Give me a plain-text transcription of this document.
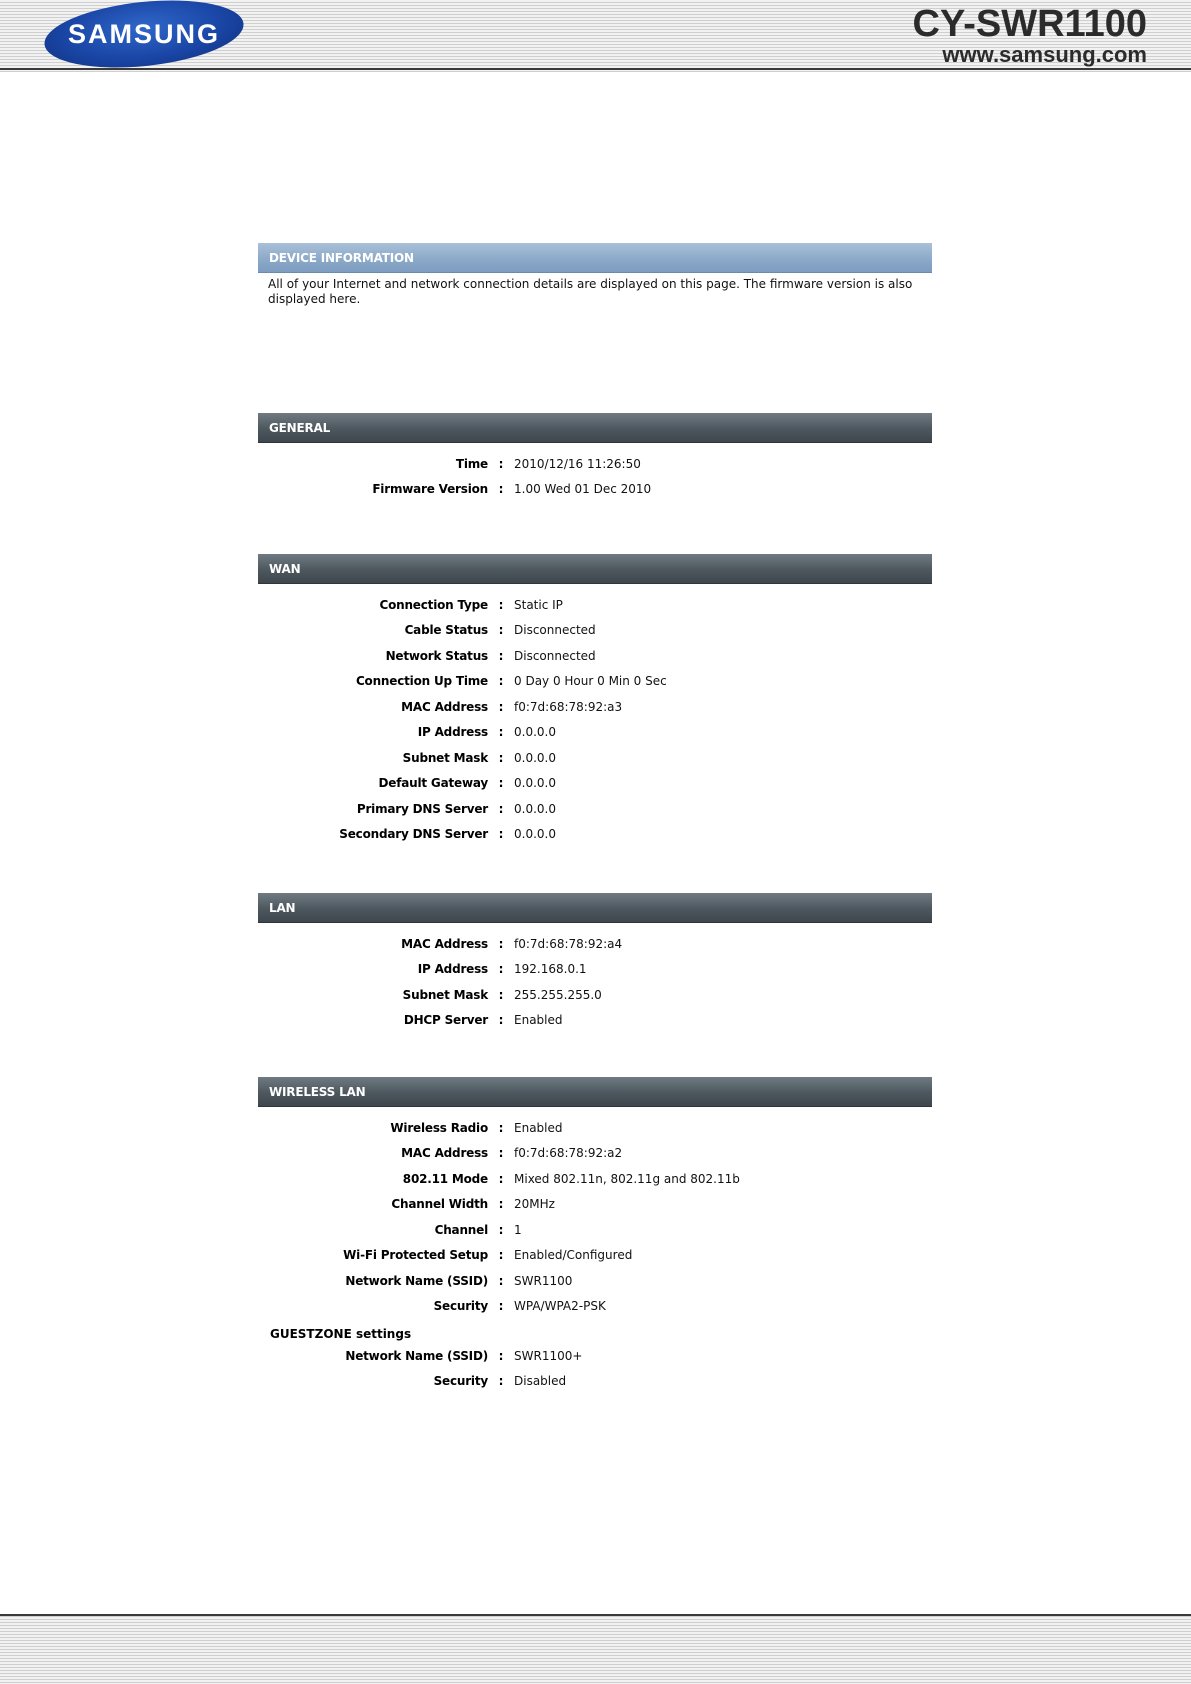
SAMSUNG	CY-SWR1100
www.samsung.com
DEVICE INFORMATION
All of your Internet and network connection details are displayed on this page. The firmware version is also displayed here.
GENERAL
Time : 2010/12/16 11:26:50
Firmware Version : 1.00 Wed 01 Dec 2010
WAN
Connection Type : Static IP
Cable Status : Disconnected
Network Status : Disconnected
Connection Up Time : 0 Day 0 Hour 0 Min 0 Sec
MAC Address : f0:7d:68:78:92:a3
IP Address : 0.0.0.0
Subnet Mask : 0.0.0.0
Default Gateway : 0.0.0.0
Primary DNS Server : 0.0.0.0
Secondary DNS Server : 0.0.0.0
LAN
MAC Address : f0:7d:68:78:92:a4
IP Address : 192.168.0.1
Subnet Mask : 255.255.255.0
DHCP Server : Enabled
WIRELESS LAN
Wireless Radio : Enabled
MAC Address : f0:7d:68:78:92:a2
802.11 Mode : Mixed 802.11n, 802.11g and 802.11b
Channel Width : 20MHz
Channel : 1
Wi-Fi Protected Setup : Enabled/Configured
Network Name (SSID) : SWR1100
Security : WPA/WPA2-PSK
GUESTZONE settings
Network Name (SSID) : SWR1100+
Security : Disabled
